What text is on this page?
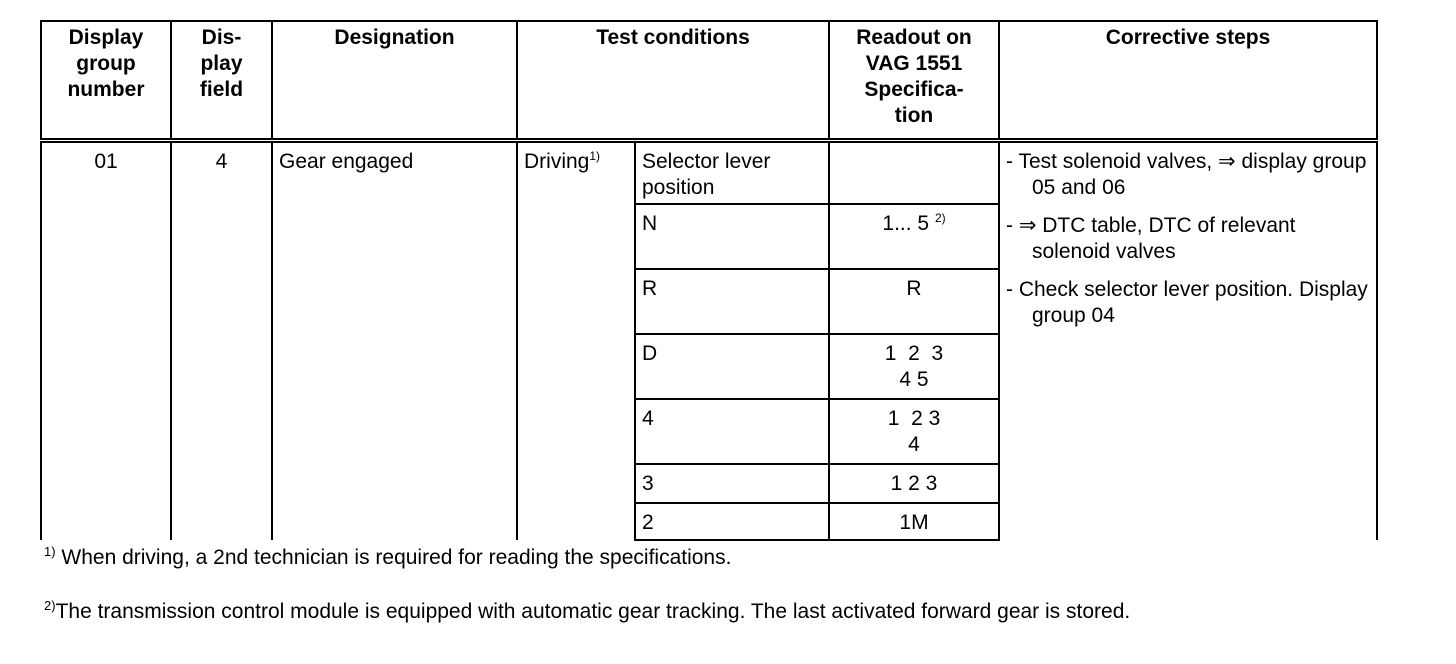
Display
group
number	Dis-
play
field	Designation	Test conditions		Readout on
VAG 1551
Specifica-
tion	Corrective steps
01	4	Gear engaged	Driving$^{1)}$	Selector lever position		- Test solenoid valves, ⇒ display group 05 and 06
- ⇒ DTC table, DTC of relevant solenoid valves
- Check selector lever position. Display group 04

				N	1... 5 $^{2)}$
				R	R	
				D	1  2  3
4 5	

				4	1  2 3
4	

				3	1 2 3	
				2	1M	

$^{1)}$ When driving, a 2nd technician is required for reading the specifications.

$^{2)}$The transmission control module is equipped with automatic gear tracking. The last activated forward gear is stored.
